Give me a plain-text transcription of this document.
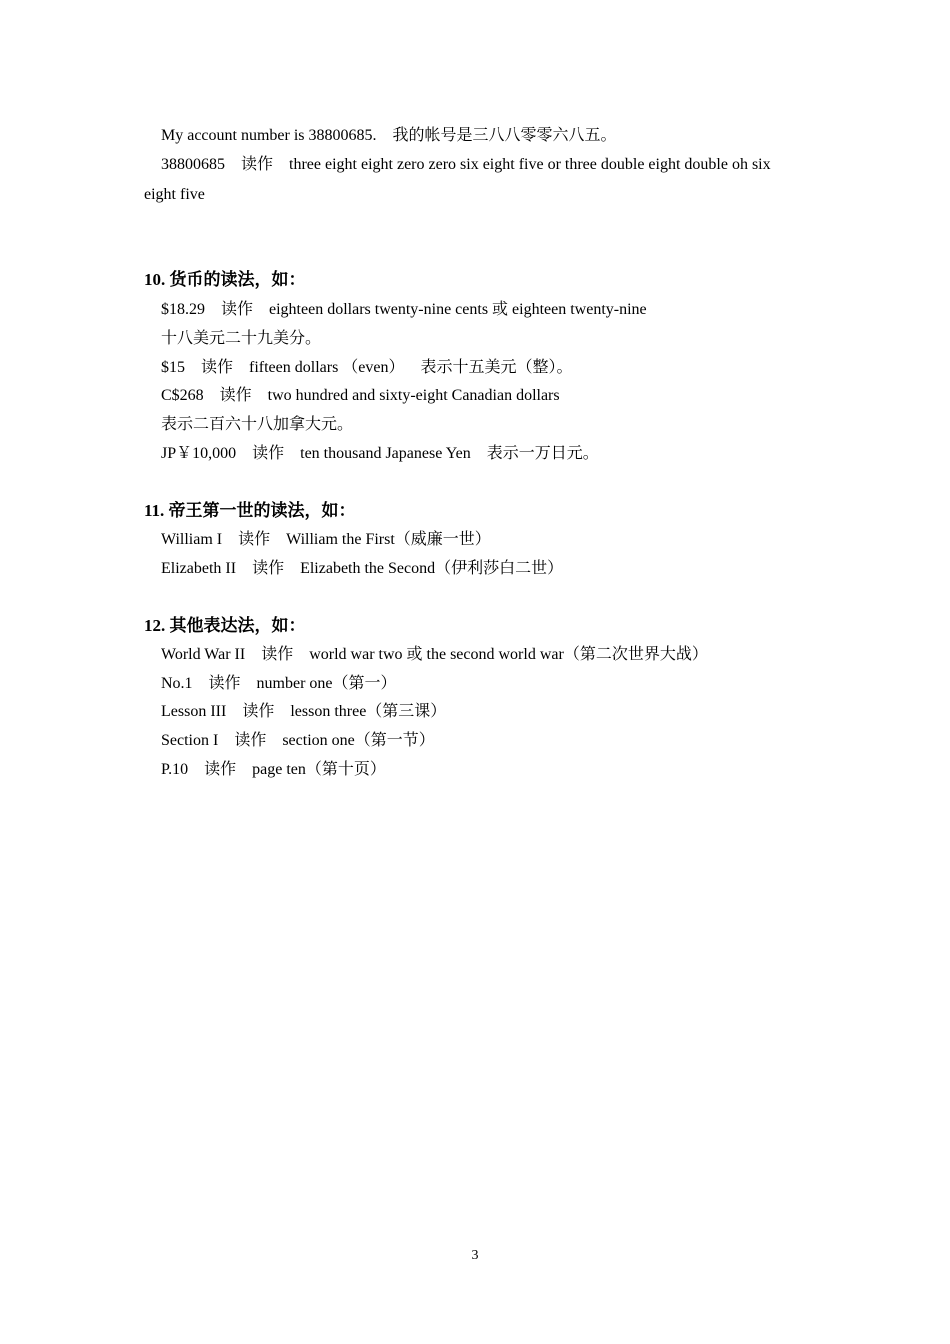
My account number is 38800685.    我的帐号是三八八零零六八五。
38800685    读作    three eight eight zero zero six eight five or three double eight double oh six
eight five
10. 货币的读法，如：
$18.29    读作    eighteen dollars twenty-nine cents 或 eighteen twenty-nine
十八美元二十九美分。
$15    读作    fifteen dollars （even）    表示十五美元（整）。
C$268    读作    two hundred and sixty-eight Canadian dollars
表示二百六十八加拿大元。
JP￥10,000    读作    ten thousand Japanese Yen    表示一万日元。
11. 帝王第一世的读法，如：
William I    读作    William the First（威廉一世）
Elizabeth II    读作    Elizabeth the Second（伊利莎白二世）
12. 其他表达法，如：
World War II    读作    world war two 或 the second world war（第二次世界大战）
No.1    读作    number one（第一）
Lesson III    读作    lesson three（第三课）
Section I    读作    section one（第一节）
P.10    读作    page ten（第十页）
3
